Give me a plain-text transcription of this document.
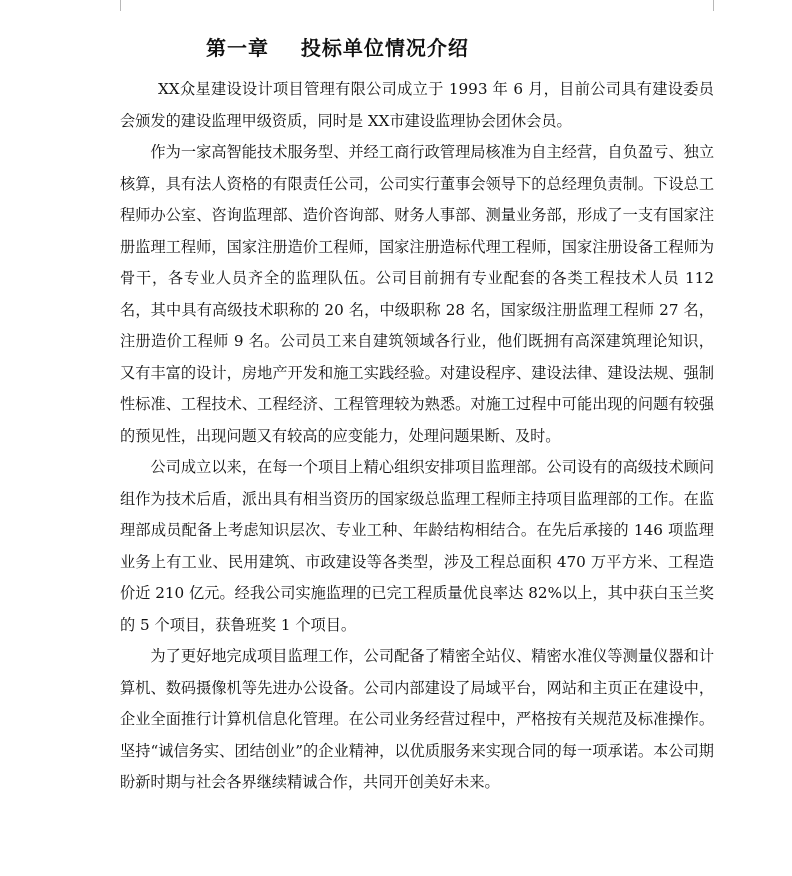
第一章    投标单位情况介绍

XX众星建设设计项目管理有限公司成立于 1993 年 6 月，目前公司具有建设委员会颁发的建设监理甲级资质，同时是 XX市建设监理协会团休会员。

作为一家高智能技术服务型、并经工商行政管理局核准为自主经营，自负盈亏、独立核算，具有法人资格的有限责任公司，公司实行董事会领导下的总经理负责制。下设总工程师办公室、咨询监理部、造价咨询部、财务人事部、测量业务部，形成了一支有国家注册监理工程师，国家注册造价工程师，国家注册造标代理工程师，国家注册设备工程师为骨干，各专业人员齐全的监理队伍。公司目前拥有专业配套的各类工程技术人员 112 名，其中具有高级技术职称的 20 名，中级职称 28 名，国家级注册监理工程师 27 名，注册造价工程师 9 名。公司员工来自建筑领域各行业，他们既拥有高深建筑理论知识，又有丰富的设计，房地产开发和施工实践经验。对建设程序、建设法律、建设法规、强制性标准、工程技术、工程经济、工程管理较为熟悉。对施工过程中可能出现的问题有较强的预见性，出现问题又有较高的应变能力，处理问题果断、及时。

公司成立以来，在每一个项目上精心组织安排项目监理部。公司设有的高级技术顾问组作为技术后盾，派出具有相当资历的国家级总监理工程师主持项目监理部的工作。在监理部成员配备上考虑知识层次、专业工种、年龄结构相结合。在先后承接的 146 项监理业务上有工业、民用建筑、市政建设等各类型，涉及工程总面积 470 万平方米、工程造价近 210 亿元。经我公司实施监理的已完工程质量优良率达 82%以上，其中获白玉兰奖的 5 个项目，获鲁班奖 1 个项目。

为了更好地完成项目监理工作，公司配备了精密全站仪、精密水准仪等测量仪器和计算机、数码摄像机等先进办公设备。公司内部建设了局域平台，网站和主页正在建设中，企业全面推行计算机信息化管理。在公司业务经营过程中，严格按有关规范及标准操作。坚持“诚信务实、团结创业”的企业精神，以优质服务来实现合同的每一项承诺。本公司期盼新时期与社会各界继续精诚合作，共同开创美好未来。
